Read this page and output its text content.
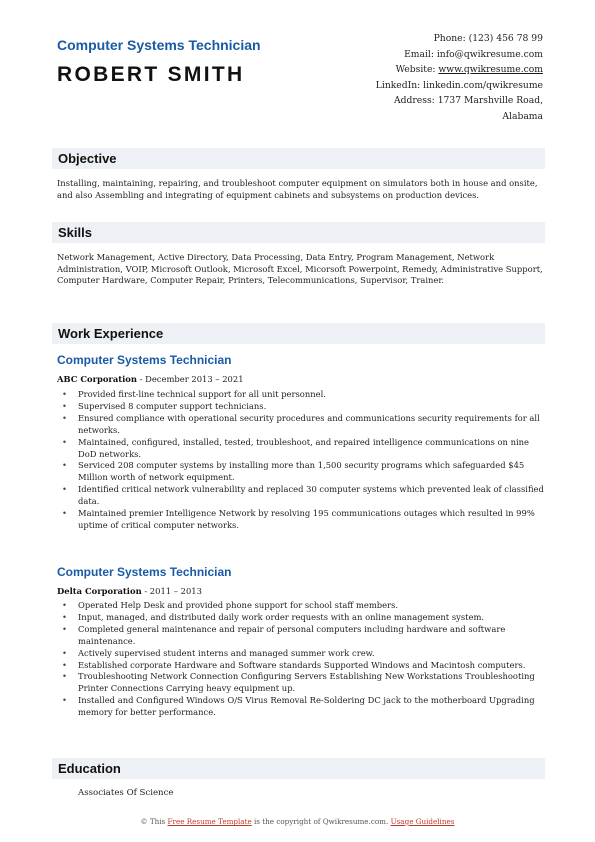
Computer Systems Technician
ROBERT SMITH
Phone: (123) 456 78 99
Email: info@qwikresume.com
Website: www.qwikresume.com
LinkedIn: linkedin.com/qwikresume
Address: 1737 Marshville Road,
Alabama
Objective
Installing, maintaining, repairing, and troubleshoot computer equipment on simulators both in house and onsite, and also Assembling and integrating of equipment cabinets and subsystems on production devices.
Skills
Network Management, Active Directory, Data Processing, Data Entry, Program Management, Network Administration, VOIP, Microsoft Outlook, Microsoft Excel, Micorsoft Powerpoint, Remedy, Administrative Support, Computer Hardware, Computer Repair, Printers, Telecommunications, Supervisor, Trainer.
Work Experience
Computer Systems Technician
ABC Corporation - December 2013 – 2021
• Provided first-line technical support for all unit personnel.
• Supervised 8 computer support technicians.
• Ensured compliance with operational security procedures and communications security requirements for all networks.
• Maintained, configured, installed, tested, troubleshoot, and repaired intelligence communications on nine DoD networks.
• Serviced 208 computer systems by installing more than 1,500 security programs which safeguarded $45 Million worth of network equipment.
• Identified critical network vulnerability and replaced 30 computer systems which prevented leak of classified data.
• Maintained premier Intelligence Network by resolving 195 communications outages which resulted in 99% uptime of critical computer networks.
Computer Systems Technician
Delta Corporation - 2011 – 2013
• Operated Help Desk and provided phone support for school staff members.
• Input, managed, and distributed daily work order requests with an online management system.
• Completed general maintenance and repair of personal computers including hardware and software maintenance.
• Actively supervised student interns and managed summer work crew.
• Established corporate Hardware and Software standards Supported Windows and Macintosh computers.
• Troubleshooting Network Connection Configuring Servers Establishing New Workstations Troubleshooting Printer Connections Carrying heavy equipment up.
• Installed and Configured Windows O/S Virus Removal Re-Soldering DC jack to the motherboard Upgrading memory for better performance.
Education
Associates Of Science
© This Free Resume Template is the copyright of Qwikresume.com. Usage Guidelines
